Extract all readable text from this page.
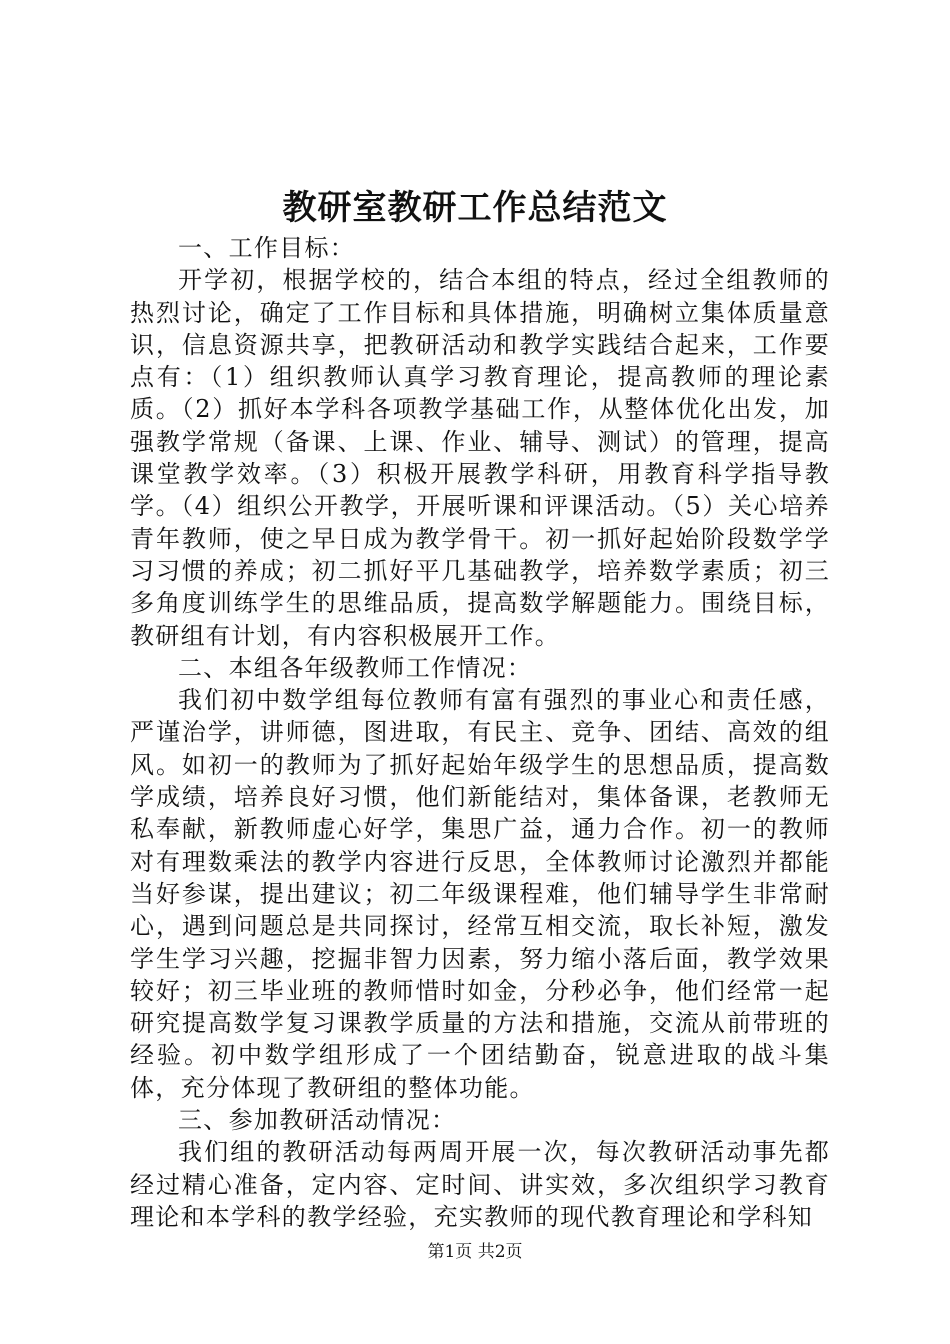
教研室教研工作总结范文

一、工作目标：

开学初，根据学校的，结合本组的特点，经过全组教师的热烈讨论，确定了工作目标和具体措施，明确树立集体质量意识，信息资源共享，把教研活动和教学实践结合起来，工作要点有：（1）组织教师认真学习教育理论，提高教师的理论素质。（2）抓好本学科各项教学基础工作，从整体优化出发，加强教学常规（备课、上课、作业、辅导、测试）的管理，提高课堂教学效率。（3）积极开展教学科研，用教育科学指导教学。（4）组织公开教学，开展听课和评课活动。（5）关心培养青年教师，使之早日成为教学骨干。初一抓好起始阶段数学学习习惯的养成；初二抓好平几基础教学，培养数学素质；初三多角度训练学生的思维品质，提高数学解题能力。围绕目标，教研组有计划，有内容积极展开工作。

二、本组各年级教师工作情况：

我们初中数学组每位教师有富有强烈的事业心和责任感，严谨治学，讲师德，图进取，有民主、竞争、团结、高效的组风。如初一的教师为了抓好起始年级学生的思想品质，提高数学成绩，培养良好习惯，他们新能结对，集体备课，老教师无私奉献，新教师虚心好学，集思广益，通力合作。初一的教师对有理数乘法的教学内容进行反思，全体教师讨论激烈并都能当好参谋，提出建议；初二年级课程难，他们辅导学生非常耐心，遇到问题总是共同探讨，经常互相交流，取长补短，激发学生学习兴趣，挖掘非智力因素，努力缩小落后面，教学效果较好；初三毕业班的教师惜时如金，分秒必争，他们经常一起研究提高数学复习课教学质量的方法和措施，交流从前带班的经验。初中数学组形成了一个团结勤奋，锐意进取的战斗集体，充分体现了教研组的整体功能。

三、参加教研活动情况：

我们组的教研活动每两周开展一次，每次教研活动事先都经过精心准备，定内容、定时间、讲实效，多次组织学习教育理论和本学科的教学经验，充实教师的现代教育理论和学科知

第1页 共2页
